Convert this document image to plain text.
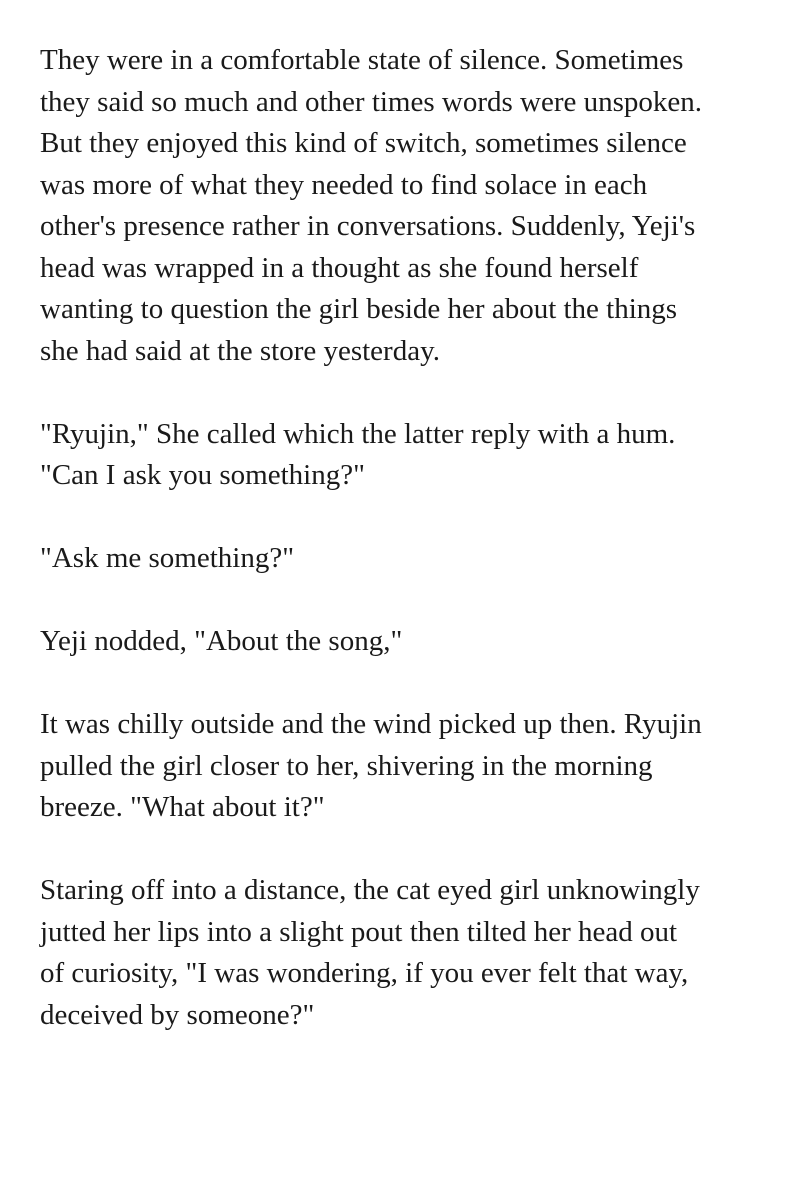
They were in a comfortable state of silence. Sometimes
they said so much and other times words were unspoken.
But they enjoyed this kind of switch, sometimes silence
was more of what they needed to find solace in each
other's presence rather in conversations. Suddenly, Yeji's
head was wrapped in a thought as she found herself
wanting to question the girl beside her about the things
she had said at the store yesterday.

"Ryujin," She called which the latter reply with a hum.
"Can I ask you something?"

"Ask me something?"

Yeji nodded, "About the song,"

It was chilly outside and the wind picked up then. Ryujin
pulled the girl closer to her, shivering in the morning
breeze. "What about it?"

Staring off into a distance, the cat eyed girl unknowingly
jutted her lips into a slight pout then tilted her head out
of curiosity, "I was wondering, if you ever felt that way,
deceived by someone?"
